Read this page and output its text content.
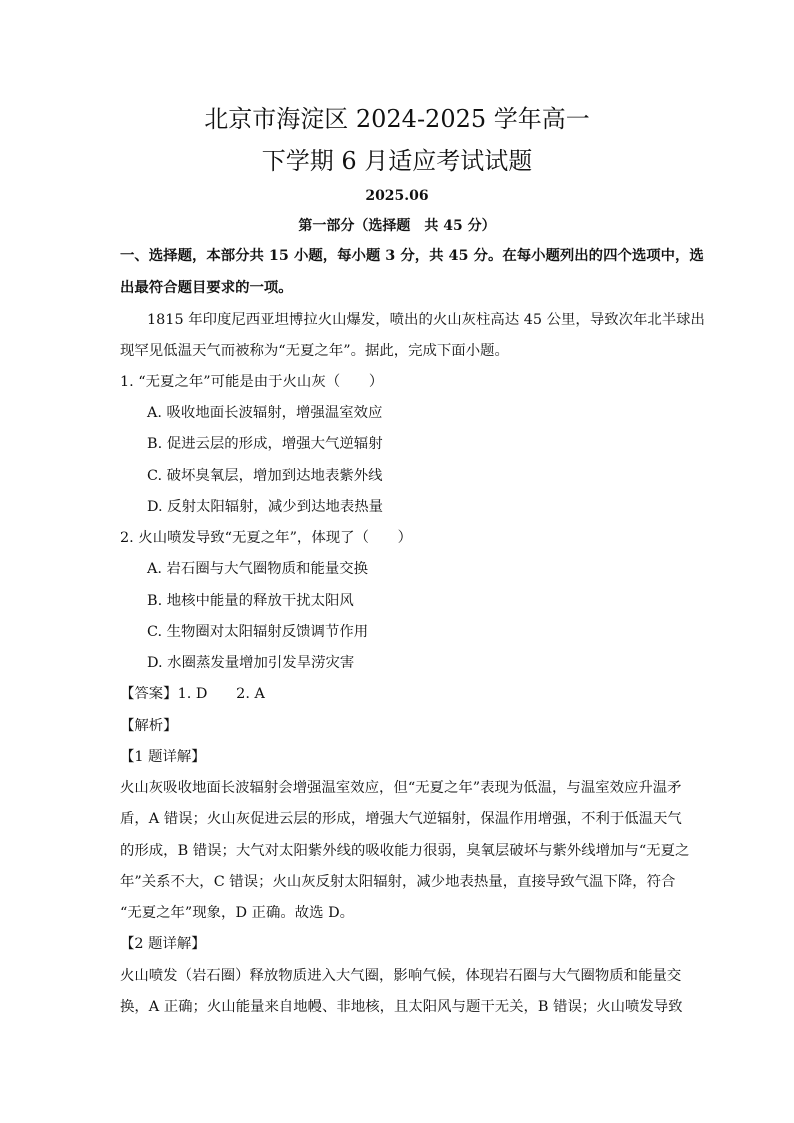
北京市海淀区 2024-2025 学年高一
下学期 6 月适应考试试题
2025.06
第一部分（选择题　共 45 分）
一、选择题，本部分共 15 小题，每小题 3 分，共 45 分。在每小题列出的四个选项中，选
出最符合题目要求的一项。
1815 年印度尼西亚坦博拉火山爆发，喷出的火山灰柱高达 45 公里，导致次年北半球出
现罕见低温天气而被称为“无夏之年”。据此，完成下面小题。
1. “无夏之年”可能是由于火山灰（　　）
A. 吸收地面长波辐射，增强温室效应
B. 促进云层的形成，增强大气逆辐射
C. 破坏臭氧层，增加到达地表紫外线
D. 反射太阳辐射，减少到达地表热量
2. 火山喷发导致“无夏之年”，体现了（　　）
A. 岩石圈与大气圈物质和能量交换
B. 地核中能量的释放干扰太阳风
C. 生物圈对太阳辐射反馈调节作用
D. 水圈蒸发量增加引发旱涝灾害
【答案】1. D　　2. A
【解析】
【1 题详解】
火山灰吸收地面长波辐射会增强温室效应，但“无夏之年”表现为低温，与温室效应升温矛
盾，A 错误；火山灰促进云层的形成，增强大气逆辐射，保温作用增强，不利于低温天气
的形成，B 错误；大气对太阳紫外线的吸收能力很弱，臭氧层破坏与紫外线增加与“无夏之
年”关系不大，C 错误；火山灰反射太阳辐射，减少地表热量，直接导致气温下降，符合
“无夏之年”现象，D 正确。故选 D。
【2 题详解】
火山喷发（岩石圈）释放物质进入大气圈，影响气候，体现岩石圈与大气圈物质和能量交
换，A 正确；火山能量来自地幔、非地核，且太阳风与题干无关，B 错误；火山喷发导致
